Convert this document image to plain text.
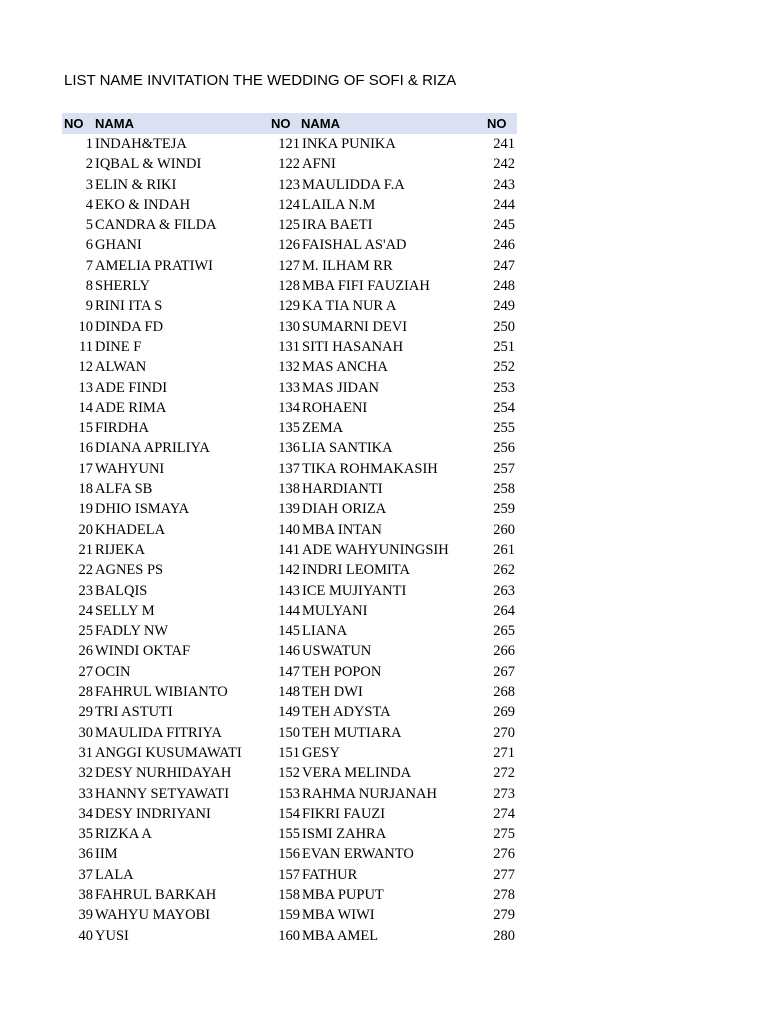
LIST NAME INVITATION THE WEDDING OF SOFI & RIZA
NO NAMA	NO NAMA	NO
1 INDAH&TEJA	121 INKA PUNIKA	241
2 IQBAL & WINDI	122 AFNI	242
3 ELIN & RIKI	123 MAULIDDA F.A	243
4 EKO & INDAH	124 LAILA N.M	244
5 CANDRA & FILDA	125 IRA BAETI	245
6 GHANI	126 FAISHAL AS'AD	246
7 AMELIA PRATIWI	127 M. ILHAM RR	247
8 SHERLY	128 MBA FIFI FAUZIAH	248
9 RINI ITA S	129 KA TIA NUR A	249
10 DINDA FD	130 SUMARNI DEVI	250
11 DINE F	131 SITI HASANAH	251
12 ALWAN	132 MAS ANCHA	252
13 ADE FINDI	133 MAS JIDAN	253
14 ADE RIMA	134 ROHAENI	254
15 FIRDHA	135 ZEMA	255
16 DIANA APRILIYA	136 LIA SANTIKA	256
17 WAHYUNI	137 TIKA ROHMAKASIH	257
18 ALFA SB	138 HARDIANTI	258
19 DHIO ISMAYA	139 DIAH ORIZA	259
20 KHADELA	140 MBA INTAN	260
21 RIJEKA	141 ADE WAHYUNINGSIH	261
22 AGNES PS	142 INDRI LEOMITA	262
23 BALQIS	143 ICE MUJIYANTI	263
24 SELLY M	144 MULYANI	264
25 FADLY NW	145 LIANA	265
26 WINDI OKTAF	146 USWATUN	266
27 OCIN	147 TEH POPON	267
28 FAHRUL WIBIANTO	148 TEH DWI	268
29 TRI ASTUTI	149 TEH ADYSTA	269
30 MAULIDA FITRIYA	150 TEH MUTIARA	270
31 ANGGI KUSUMAWATI	151 GESY	271
32 DESY NURHIDAYAH	152 VERA MELINDA	272
33 HANNY SETYAWATI	153 RAHMA NURJANAH	273
34 DESY INDRIYANI	154 FIKRI FAUZI	274
35 RIZKA A	155 ISMI ZAHRA	275
36 IIM	156 EVAN ERWANTO	276
37 LALA	157 FATHUR	277
38 FAHRUL BARKAH	158 MBA PUPUT	278
39 WAHYU MAYOBI	159 MBA WIWI	279
40 YUSI	160 MBA AMEL	280
